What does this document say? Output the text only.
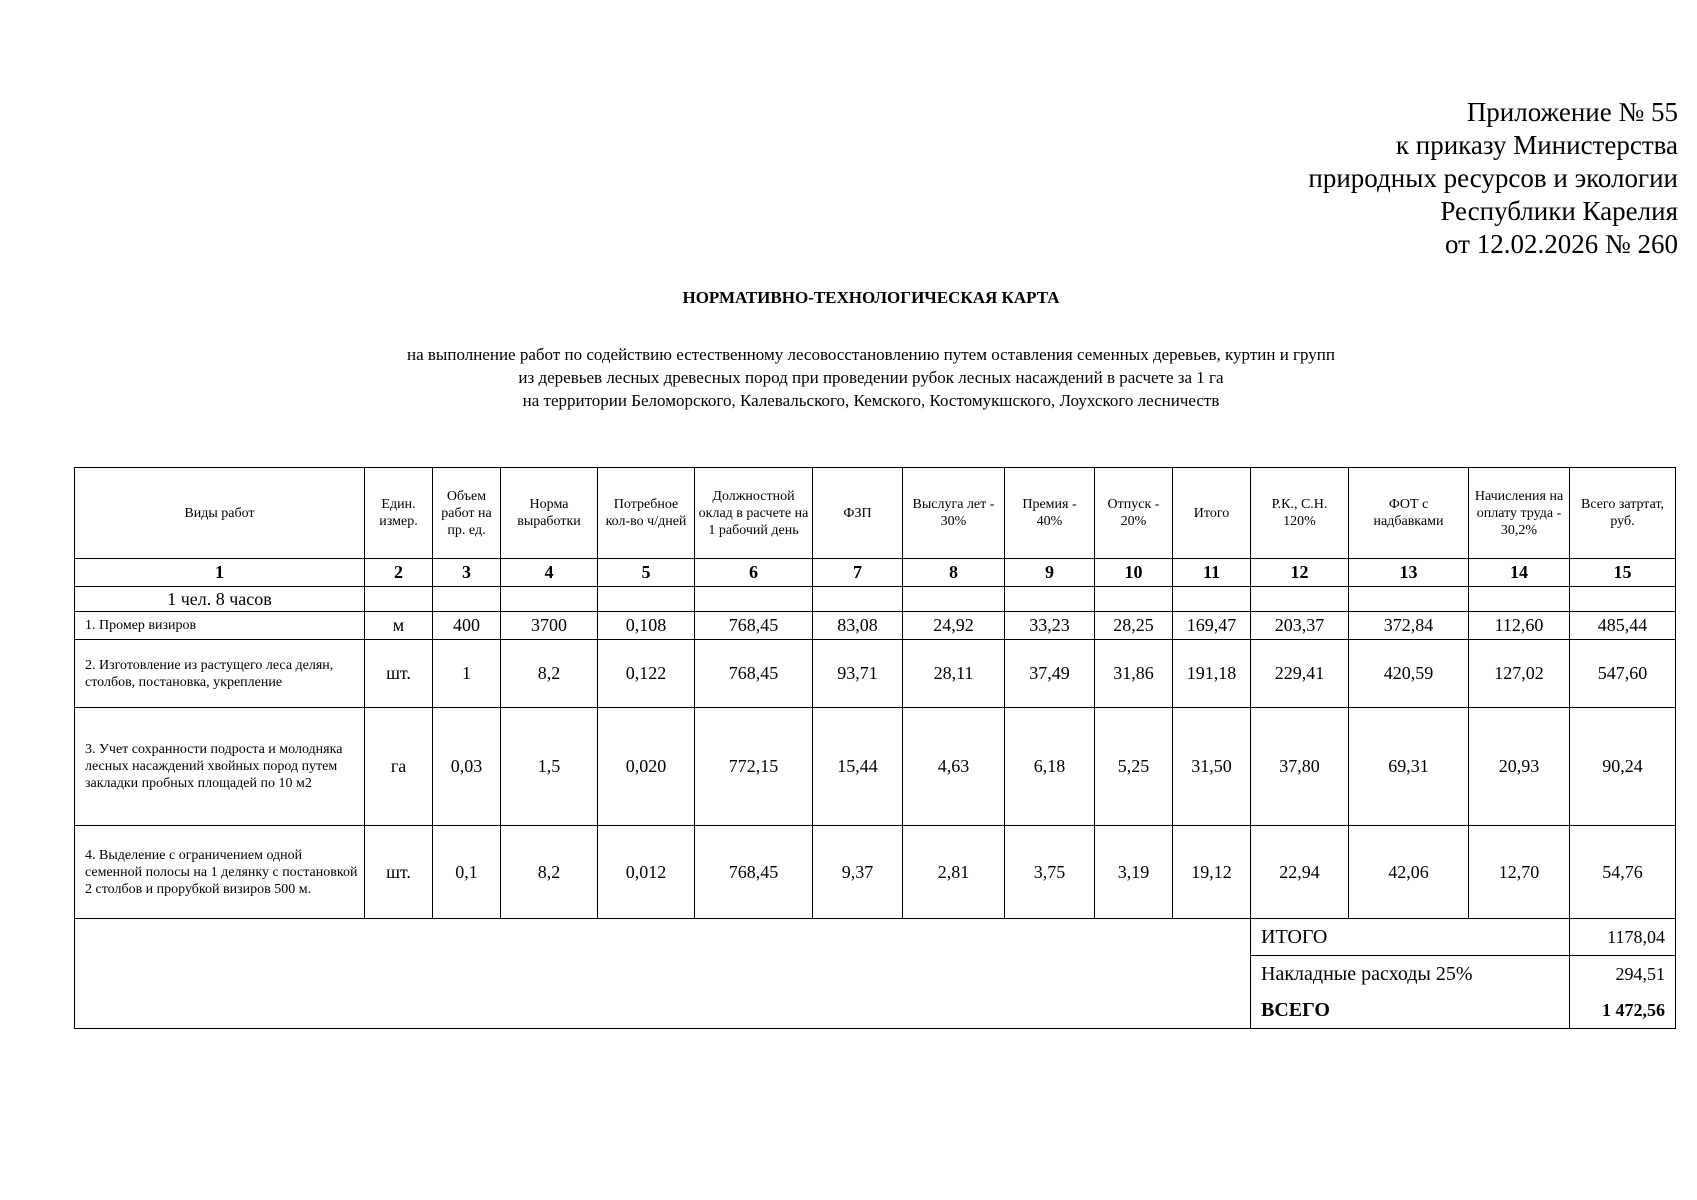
Приложение № 55
к приказу Министерства
природных ресурсов и экологии
Республики Карелия
от 12.02.2026 № 260
НОРМАТИВНО-ТЕХНОЛОГИЧЕСКАЯ КАРТА
на выполнение работ по содействию естественному лесовосстановлению путем оставления семенных деревьев, куртин и групп
из деревьев лесных древесных пород при проведении рубок лесных насаждений в расчете за 1 га
на территории Беломорского, Калевальского, Кемского, Костомукшского, Лоухского лесничеств
Виды работ	Един. измер.	Объем работ на пр. ед.	Норма выработки	Потребное кол-во ч/дней	Должностной оклад в расчете на 1 рабочий день	ФЗП	Выслуга лет - 30%	Премия - 40%	Отпуск - 20%	Итого	Р.К., С.Н. 120%	ФОТ с надбавками	Начисления на оплату труда - 30,2%	Всего затртат, руб.
1	2	3	4	5	6	7	8	9	10	11	12	13	14	15
1 чел. 8 часов														
1. Промер визиров	м	400	3700	0,108	768,45	83,08	24,92	33,23	28,25	169,47	203,37	372,84	112,60	485,44
2. Изготовление из растущего леса делян, столбов, постановка, укрепление	шт.	1	8,2	0,122	768,45	93,71	28,11	37,49	31,86	191,18	229,41	420,59	127,02	547,60
3. Учет сохранности подроста и молодняка лесных насаждений хвойных пород путем закладки пробных площадей по 10 м2	га	0,03	1,5	0,020	772,15	15,44	4,63	6,18	5,25	31,50	37,80	69,31	20,93	90,24
4. Выделение с ограничением одной семенной полосы на 1 делянку с постановкой 2 столбов и прорубкой визиров 500 м.	шт.	0,1	8,2	0,012	768,45	9,37	2,81	3,75	3,19	19,12	22,94	42,06	12,70	54,76
											ИТОГО			1178,04
											Накладные расходы 25%			294,51
											ВСЕГО			1 472,56
